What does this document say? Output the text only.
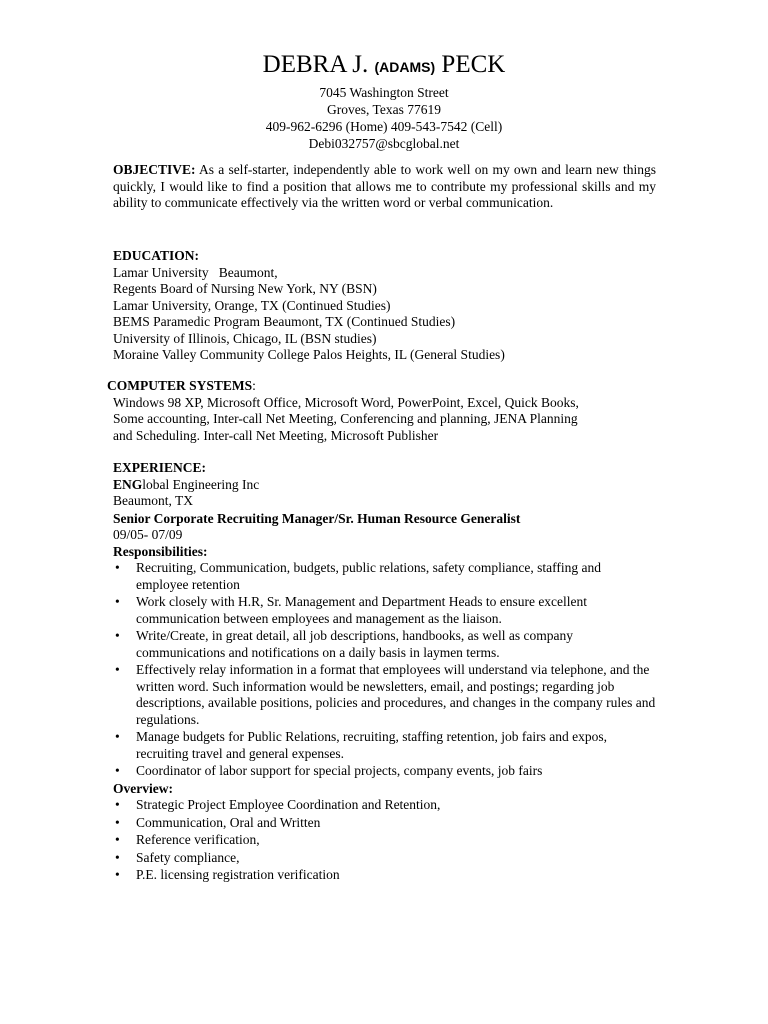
DEBRA J. (ADAMS) PECK

7045 Washington Street

Groves, Texas 77619

409-962-6296 (Home) 409-543-7542 (Cell)

Debi032757@sbcglobal.net

OBJECTIVE: As a self-starter, independently able to work well on my own and learn new things quickly, I would like to find a position that allows me to contribute my professional skills and my ability to communicate effectively via the written word or verbal communication.
EDUCATION:
Lamar University   Beaumont,
Regents Board of Nursing New York, NY (BSN)
Lamar University, Orange, TX (Continued Studies)
BEMS Paramedic Program Beaumont, TX (Continued Studies)
University of Illinois, Chicago, IL (BSN studies)
Moraine Valley Community College Palos Heights, IL (General Studies)
COMPUTER SYSTEMS:
Windows 98 XP, Microsoft Office, Microsoft Word, PowerPoint, Excel, Quick Books,
Some accounting, Inter-call Net Meeting, Conferencing and planning, JENA Planning
and Scheduling. Inter-call Net Meeting, Microsoft Publisher
EXPERIENCE:
ENGlobal Engineering Inc
Beaumont, TX
Senior Corporate Recruiting Manager/Sr. Human Resource Generalist
09/05- 07/09
Responsibilities:
• Recruiting, Communication, budgets, public relations, safety compliance, staffing and employee retention
• Work closely with H.R, Sr. Management and Department Heads to ensure excellent communication between employees and management as the liaison.
• Write/Create, in great detail, all job descriptions, handbooks, as well as company communications and notifications on a daily basis in laymen terms.
• Effectively relay information in a format that employees will understand via telephone, and the written word. Such information would be newsletters, email, and postings; regarding job descriptions, available positions, policies and procedures, and changes in the company rules and regulations.
• Manage budgets for Public Relations, recruiting, staffing retention, job fairs and expos, recruiting travel and general expenses.
• Coordinator of labor support for special projects, company events, job fairs
Overview:
• Strategic Project Employee Coordination and Retention,
• Communication, Oral and Written
• Reference verification,
• Safety compliance,
• P.E. licensing registration verification
